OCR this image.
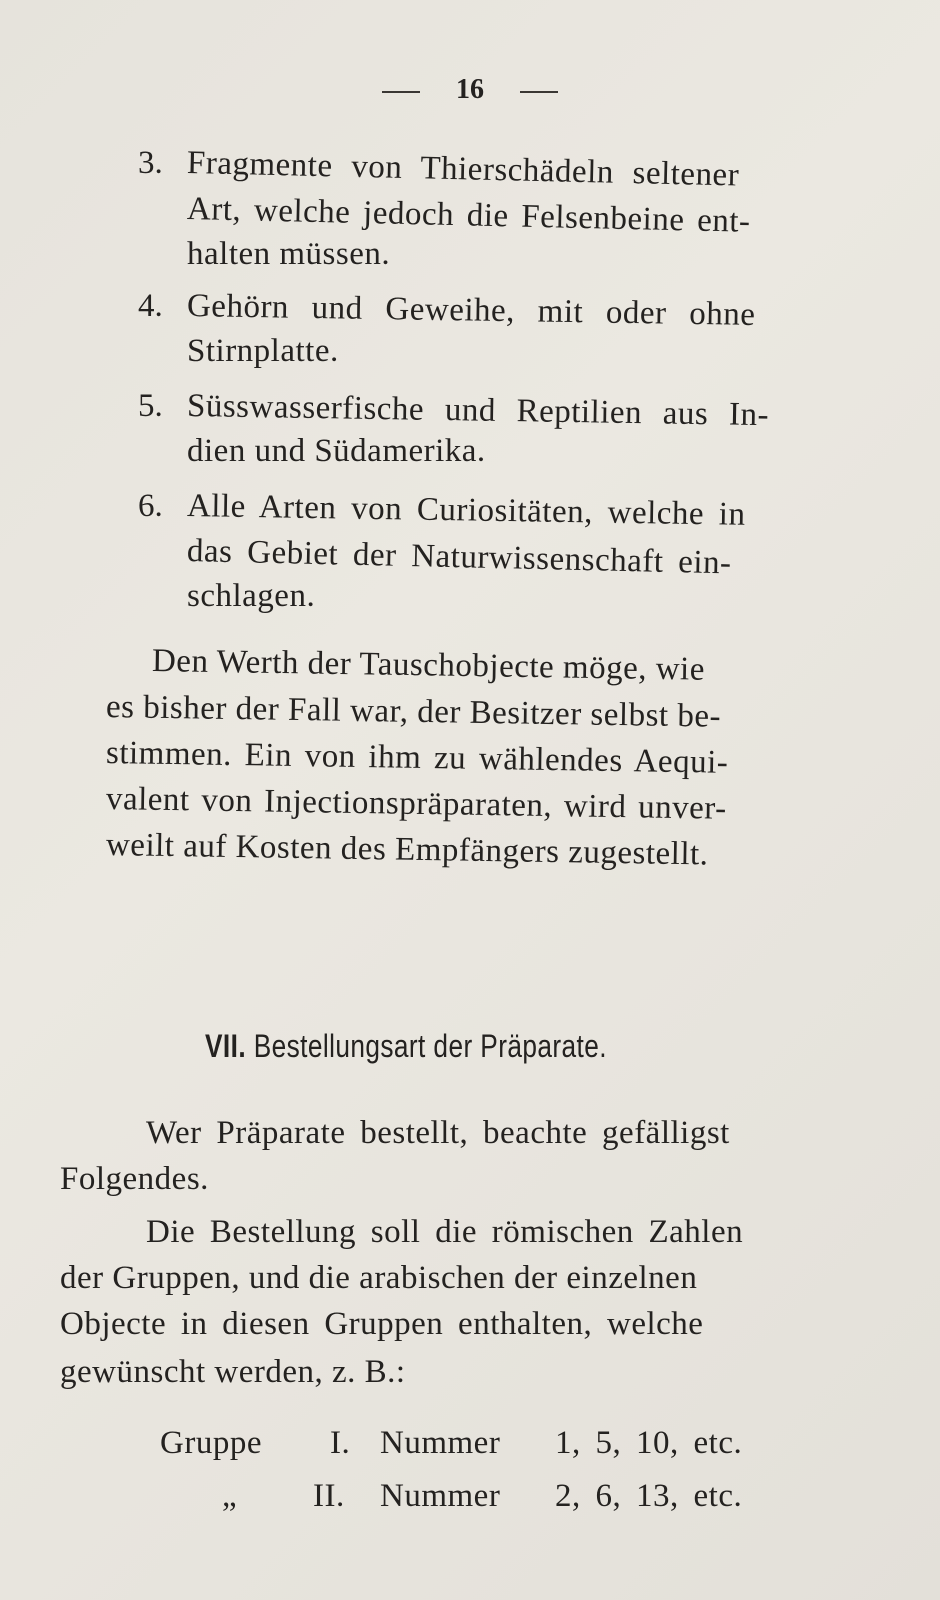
16
3. Fragmente von Thierschädeln seltener
Art, welche jedoch die Felsenbeine ent-
halten müssen.
4. Gehörn und Geweihe, mit oder ohne
Stirnplatte.
5. Süsswasserfische und Reptilien aus In-
dien und Südamerika.
6. Alle Arten von Curiositäten, welche in
das Gebiet der Naturwissenschaft ein-
schlagen.
Den Werth der Tauschobjecte möge, wie
es bisher der Fall war, der Besitzer selbst be-
stimmen. Ein von ihm zu wählendes Aequi-
valent von Injectionspräparaten, wird unver-
weilt auf Kosten des Empfängers zugestellt.
VII. Bestellungsart der Präparate.
Wer Präparate bestellt, beachte gefälligst
Folgendes.
Die Bestellung soll die römischen Zahlen
der Gruppen, und die arabischen der einzelnen
Objecte in diesen Gruppen enthalten, welche
gewünscht werden, z. B.:
Gruppe I. Nummer 1, 5, 10, etc.
„ II. Nummer 2, 6, 13, etc.
